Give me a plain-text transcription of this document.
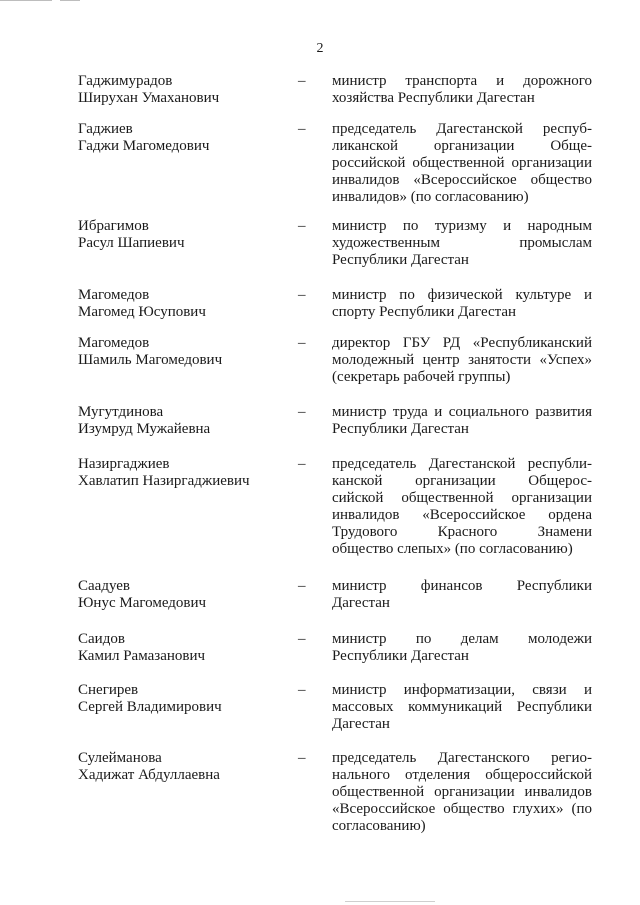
2
Гаджимурадов
Ширухан Умаханович
– министр транспорта и дорожного
хозяйства Республики Дагестан
Гаджиев
Гаджи Магомедович
– председатель Дагестанской респуб-
ликанской организации Обще-
российской общественной организации
инвалидов «Всероссийское общество
инвалидов» (по согласованию)
Ибрагимов
Расул Шапиевич
– министр по туризму и народным
художественным промыслам
Республики Дагестан
Магомедов
Магомед Юсупович
– министр по физической культуре и
спорту Республики Дагестан
Магомедов
Шамиль Магомедович
– директор ГБУ РД «Республиканский
молодежный центр занятости «Успех»
(секретарь рабочей группы)
Мугутдинова
Изумруд Мужайевна
– министр труда и социального развития
Республики Дагестан
Назиргаджиев
Хавлатип Назиргаджиевич
– председатель Дагестанской республи-
канской организации Общерос-
сийской общественной организации
инвалидов «Всероссийское ордена
Трудового Красного Знамени
общество слепых» (по согласованию)
Саадуев
Юнус Магомедович
– министр финансов Республики
Дагестан
Саидов
Камил Рамазанович
– министр по делам молодежи
Республики Дагестан
Снегирев
Сергей Владимирович
– министр информатизации, связи и
массовых коммуникаций Республики
Дагестан
Сулейманова
Хадижат Абдуллаевна
– председатель Дагестанского регио-
нального отделения общероссийской
общественной организации инвалидов
«Всероссийское общество глухих» (по
согласованию)
